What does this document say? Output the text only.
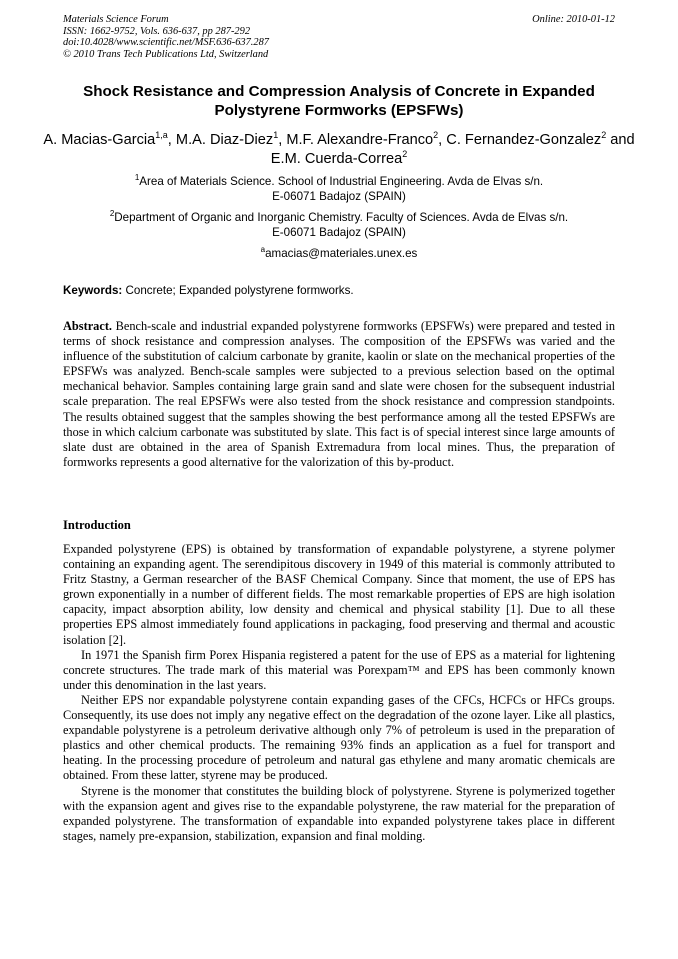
Materials Science Forum	Online: 2010-01-12
ISSN: 1662-9752, Vols. 636-637, pp 287-292
doi:10.4028/www.scientific.net/MSF.636-637.287
© 2010 Trans Tech Publications Ltd, Switzerland
Shock Resistance and Compression Analysis of Concrete in Expanded Polystyrene Formworks (EPSFWs)
A. Macias-Garcia$^{1,a}$, M.A. Diaz-Diez$^1$, M.F. Alexandre-Franco$^2$, C. Fernandez-Gonzalez$^2$ and E.M. Cuerda-Correa$^2$
$^1$Area of Materials Science. School of Industrial Engineering. Avda de Elvas s/n.
E-06071 Badajoz (SPAIN)
$^2$Department of Organic and Inorganic Chemistry. Faculty of Sciences. Avda de Elvas s/n.
E-06071 Badajoz (SPAIN)
$^a$amacias@materiales.unex.es
Keywords: Concrete; Expanded polystyrene formworks.

Abstract. Bench-scale and industrial expanded polystyrene formworks (EPSFWs) were prepared and tested in terms of shock resistance and compression analyses. The composition of the EPSFWs was varied and the influence of the substitution of calcium carbonate by granite, kaolin or slate on the mechanical properties of the EPSFWs was analyzed. Bench-scale samples were subjected to a previous selection based on the optimal mechanical behavior. Samples containing large grain sand and slate were chosen for the subsequent industrial scale preparation. The real EPSFWs were also tested from the shock resistance and compression standpoints. The results obtained suggest that the samples showing the best performance among all the tested EPSFWs are those in which calcium carbonate was substituted by slate. This fact is of special interest since large amounts of slate dust are obtained in the area of Spanish Extremadura from local mines. Thus, the preparation of formworks represents a good alternative for the valorization of this by-product.

Introduction

Expanded polystyrene (EPS) is obtained by transformation of expandable polystyrene, a styrene polymer containing an expanding agent. The serendipitous discovery in 1949 of this material is commonly attributed to Fritz Stastny, a German researcher of the BASF Chemical Company. Since that moment, the use of EPS has grown exponentially in a number of different fields. The most remarkable properties of EPS are high isolation capacity, impact absorption ability, low density and chemical and physical stability [1]. Due to all these properties EPS almost immediately found applications in packaging, food preserving and thermal and acoustic isolation [2].

In 1971 the Spanish firm Porex Hispania registered a patent for the use of EPS as a material for lightening concrete structures. The trade mark of this material was Porexpam™ and EPS has been commonly known under this denomination in the last years.

Neither EPS nor expandable polystyrene contain expanding gases of the CFCs, HCFCs or HFCs groups. Consequently, its use does not imply any negative effect on the degradation of the ozone layer. Like all plastics, expandable polystyrene is a petroleum derivative although only 7% of petroleum is used in the preparation of plastics and other chemical products. The remaining 93% finds an application as a fuel for transport and heating. In the processing procedure of petroleum and natural gas ethylene and many aromatic chemicals are obtained. From these latter, styrene may be produced.

Styrene is the monomer that constitutes the building block of polystyrene. Styrene is polymerized together with the expansion agent and gives rise to the expandable polystyrene, the raw material for the preparation of expanded polystyrene. The transformation of expandable into expanded polystyrene takes place in different stages, namely pre-expansion, stabilization, expansion and final molding.
